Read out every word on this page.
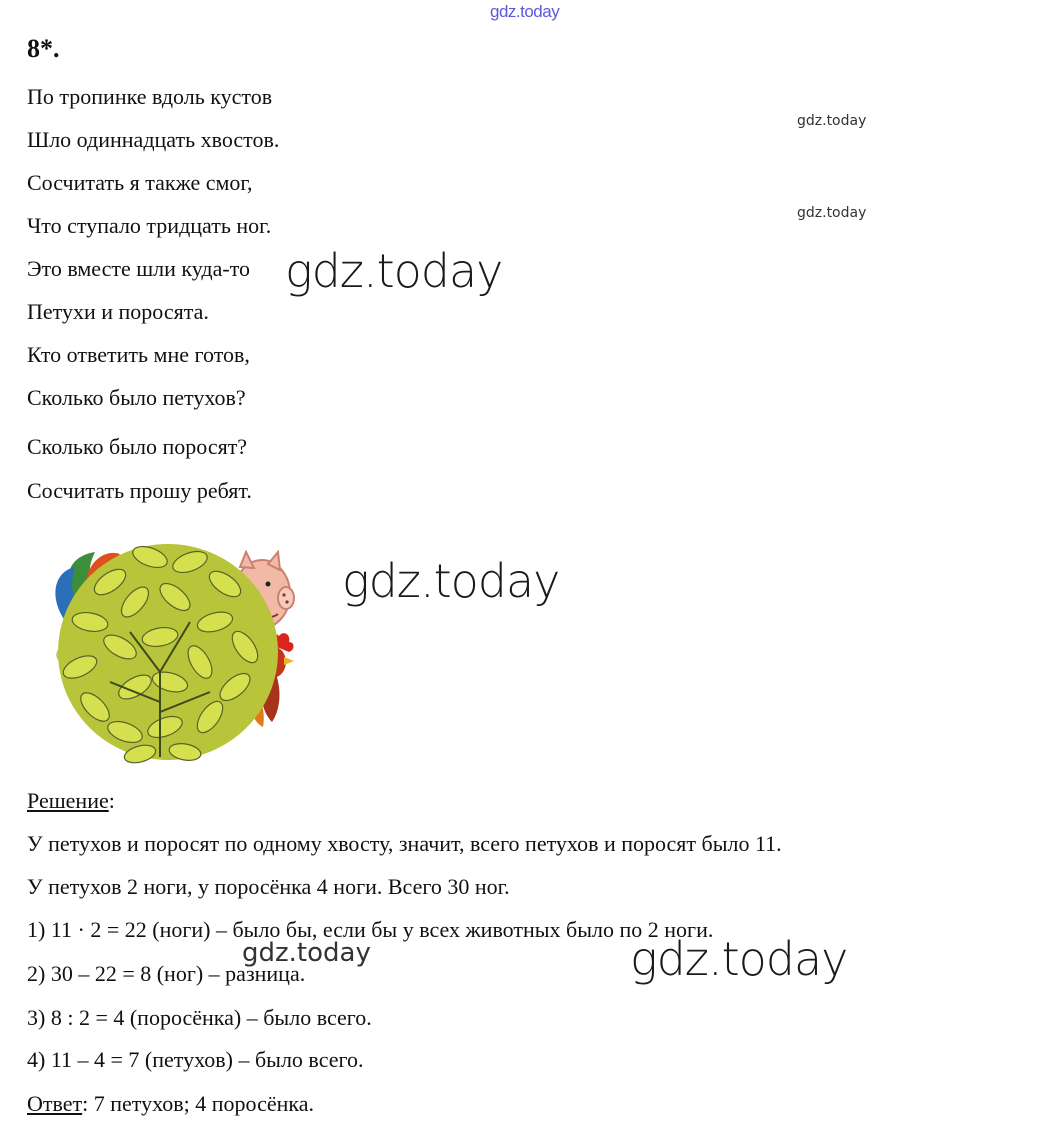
gdz.today
8*.
По тропинке вдоль кустов
Шло одиннадцать хвостов.
Сосчитать я также смог,
Что ступало тридцать ног.
Это вместе шли куда-то
Петухи и поросята.
Кто ответить мне готов,
Сколько было петухов?
Сколько было поросят?
Сосчитать прошу ребят.
gdz.today
gdz.today
gdz.today
gdz.today
Решение:
У петухов и поросят по одному хвосту, значит, всего петухов и поросят было 11.
У петухов 2 ноги, у поросёнка 4 ноги. Всего 30 ног.
1) 11 · 2 = 22 (ноги) – было бы, если бы у всех животных было по 2 ноги.
2) 30 – 22 = 8 (ног) – разница.
3) 8 : 2 = 4 (поросёнка) – было всего.
4) 11 – 4 = 7 (петухов) – было всего.
Ответ: 7 петухов; 4 поросёнка.
gdz.today	gdz.today
